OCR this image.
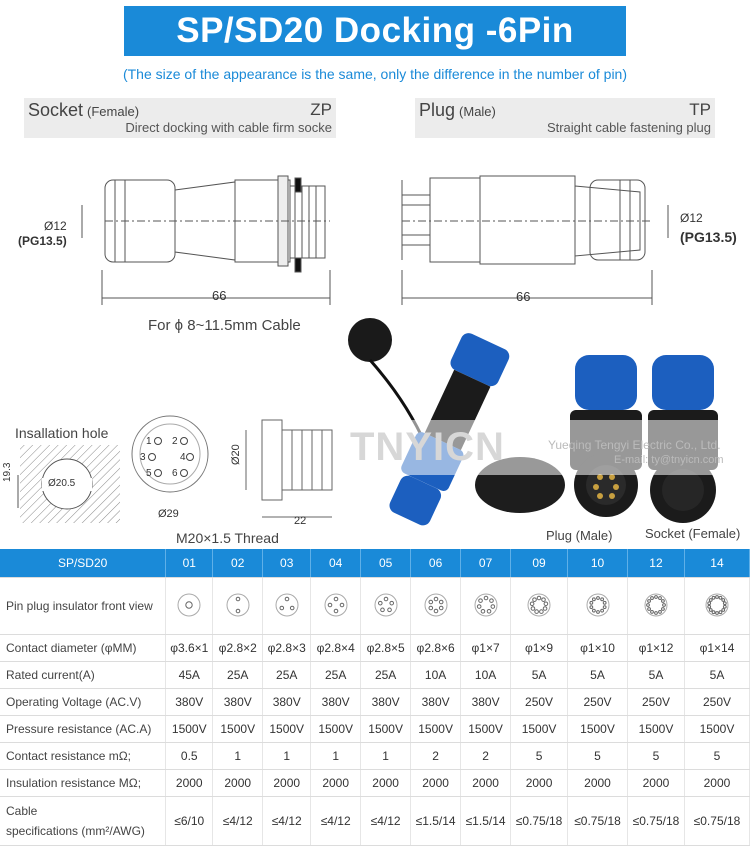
SP/SD20 Docking -6Pin
(The size of the appearance is the same, only the difference in the number of pin)
Socket (Female)	ZP
Direct docking with cable firm socke
Plug (Male)	TP
Straight cable fastening plug
Ø12
(PG13.5)
66
Ø12
(PG13.5)
66
For ϕ 8~11.5mm Cable
Insallation hole
Ø20.5
19.3
1 2
3	4
5 6
Ø29
Ø20
22
M20×1.5 Thread
TNYICN	Yueqing Tengyi Electric Co., Ltd.
E-mail: ty@tnyicn.com
Plug (Male)	Socket (Female)
SP/SD20	01	02	03	04	05	06	07	09	10	12	14
Pin plug insulator front view											
Contact diameter (φMM)	φ3.6×1	φ2.8×2	φ2.8×3	φ2.8×4	φ2.8×5	φ2.8×6	φ1×7	φ1×9	φ1×10	φ1×12	φ1×14
Rated current(A)	45A	25A	25A	25A	25A	10A	10A	5A	5A	5A	5A
Operating Voltage (AC.V)	380V	380V	380V	380V	380V	380V	380V	250V	250V	250V	250V
Pressure resistance (AC.A)	1500V	1500V	1500V	1500V	1500V	1500V	1500V	1500V	1500V	1500V	1500V
Contact resistance mΩ;	0.5	1	1	1	1	2	2	5	5	5	5
Insulation resistance MΩ;	2000	2000	2000	2000	2000	2000	2000	2000	2000	2000	2000

Cable
specifications (mm²/AWG)	≤6/10	≤4/12	≤4/12	≤4/12	≤4/12	≤1.5/14	≤1.5/14	≤0.75/18	≤0.75/18	≤0.75/18	≤0.75/18
